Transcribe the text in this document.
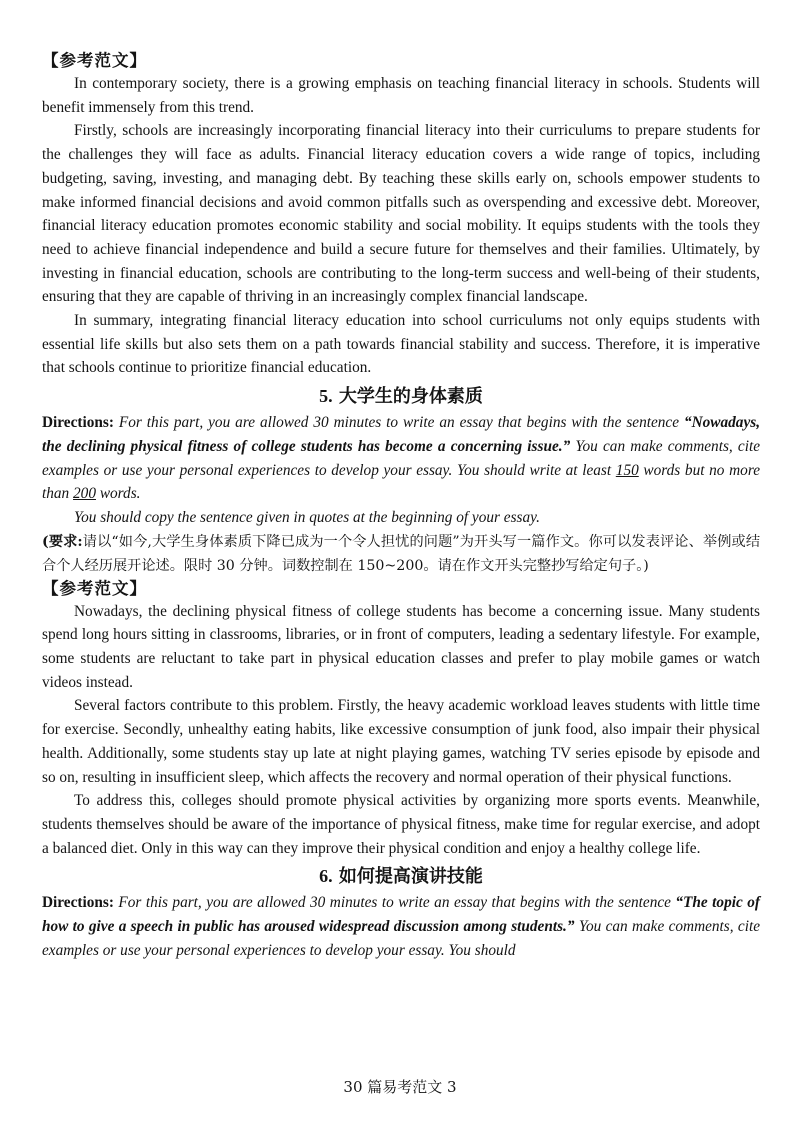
【参考范文】

In contemporary society, there is a growing emphasis on teaching financial literacy in schools. Students will benefit immensely from this trend.

Firstly, schools are increasingly incorporating financial literacy into their curriculums to prepare students for the challenges they will face as adults. Financial literacy education covers a wide range of topics, including budgeting, saving, investing, and managing debt. By teaching these skills early on, schools empower students to make informed financial decisions and avoid common pitfalls such as overspending and excessive debt. Moreover, financial literacy education promotes economic stability and social mobility. It equips students with the tools they need to achieve financial independence and build a secure future for themselves and their families. Ultimately, by investing in financial education, schools are contributing to the long-term success and well-being of their students, ensuring that they are capable of thriving in an increasingly complex financial landscape.

In summary, integrating financial literacy education into school curriculums not only equips students with essential life skills but also sets them on a path towards financial stability and success. Therefore, it is imperative that schools continue to prioritize financial education.

5. 大学生的身体素质

Directions: For this part, you are allowed 30 minutes to write an essay that begins with the sentence “Nowadays, the declining physical fitness of college students has become a concerning issue.” You can make comments, cite examples or use your personal experiences to develop your essay. You should write at least 150 words but no more than 200 words.

You should copy the sentence given in quotes at the beginning of your essay.

(要求:请以“如今,大学生身体素质下降已成为一个令人担忧的问题”为开头写一篇作文。你可以发表评论、举例或结合个人经历展开论述。限时 30 分钟。词数控制在 150~200。请在作文开头完整抄写给定句子。)

【参考范文】

Nowadays, the declining physical fitness of college students has become a concerning issue. Many students spend long hours sitting in classrooms, libraries, or in front of computers, leading a sedentary lifestyle. For example, some students are reluctant to take part in physical education classes and prefer to play mobile games or watch videos instead.

Several factors contribute to this problem. Firstly, the heavy academic workload leaves students with little time for exercise. Secondly, unhealthy eating habits, like excessive consumption of junk food, also impair their physical health. Additionally, some students stay up late at night playing games, watching TV series episode by episode and so on, resulting in insufficient sleep, which affects the recovery and normal operation of their physical functions.

To address this, colleges should promote physical activities by organizing more sports events. Meanwhile, students themselves should be aware of the importance of physical fitness, make time for regular exercise, and adopt a balanced diet. Only in this way can they improve their physical condition and enjoy a healthy college life.

6. 如何提高演讲技能

Directions: For this part, you are allowed 30 minutes to write an essay that begins with the sentence “The topic of how to give a speech in public has aroused widespread discussion among students.” You can make comments, cite examples or use your personal experiences to develop your essay. You should

30 篇易考范文 3
